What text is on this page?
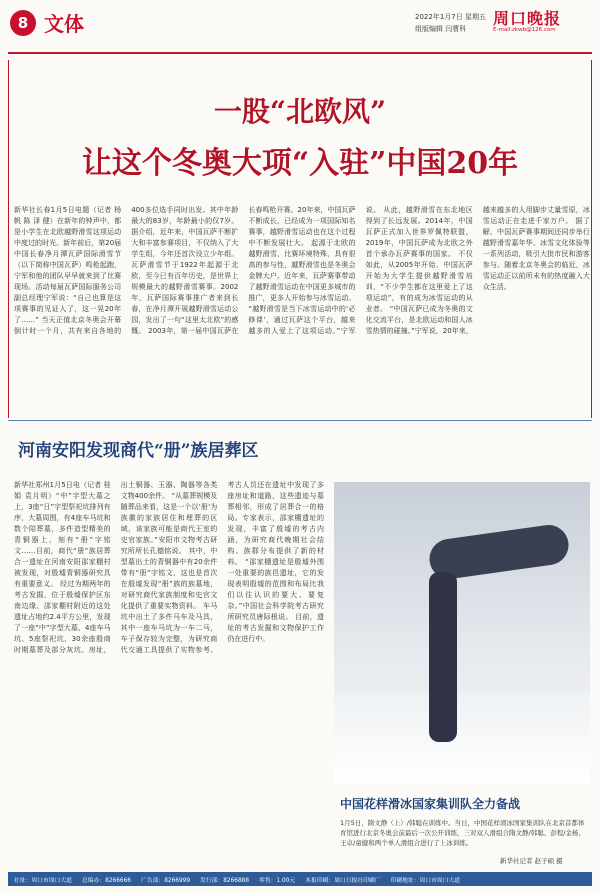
8 文体	2022年1月7日 星期五
组版编辑 闫曹科
周口晚报
E-mail:zkwb@126.com
一股“北欧风”
让这个冬奥大项“入驻”中国20年
新华社长春1月5日电题（记者 杨 帆 陈 泽 健）在新年的钟声中，都是小学生在北欧越野滑雪这项运动中度过的时光。新年前后，第20届中国长春净月潭瓦萨国际滑雪节（以下简称中国瓦萨）鸣枪起跑，宁军和他的团队早早就来到了比赛现场。活动每届瓦萨国际服务公司副总经理宁军说：“自己也算是这项赛事的见证人了，这一晃20年了……” 当天正值北京冬奥会开幕倒计时一个月，共有来自各地的400多位选手同时出发。其中年龄最大的83岁，年龄最小的仅7岁。据介绍，近年来，中国瓦萨不断扩大和丰富参赛项目，不仅纳入了大学生组，今年还首次设立少年组。 瓦萨滑雪节于1922年起源于北欧，至今已有百年历史，是世界上规模最大的越野滑雪赛事。2002年，瓦萨国际赛事推广者来到长春，在净月潭开展越野滑雪运动公园，发出了一句“这里太北欧”的感慨。 2003年，第一届中国瓦萨在长春鸣枪开赛。20年来，中国瓦萨不断成长，已经成为一项国际知名赛事，越野滑雪运动也在这个过程中不断发展壮大。 起源于北欧的越野滑雪，比赛环境特殊，具有很高的参与性，越野滑雪也是冬奥会金牌大户。近年来，瓦萨赛事带动了越野滑雪运动在中国更多城市的推广，更多人开始参与冰雪运动。 “越野滑雪是当下冰雪运动中的‘必修课’，通过瓦萨这个平台，越来越多的人爱上了这项运动。”宁军说。 从此，越野滑雪在东北地区得到了长远发展。2014年，中国瓦萨正式加入世界罗佩特联盟，2019年，中国瓦萨成为北欧之外首个承办瓦萨赛事的国家。 不仅如此，从2005年开始，中国瓦萨开始为大学生提供越野滑雪培训，“不少学生都在这里爱上了这项运动”，有的成为冰雪运动的从业者。 “中国瓦萨已成为冬奥的文化交流平台，是北欧运动和国人冰雪热情的碰撞。”宁军说，20年来，越来越多的人用脚步丈量雪原，冰雪运动正在走进千家万户。 据了解，中国瓦萨赛事期间还同步举行越野滑雪嘉年华、冰雪文化体验等一系列活动，吸引大批市民和游客参与。随着北京冬奥会的临近，冰雪运动正以前所未有的热度融入大众生活。
河南安阳发现商代“册”族居葬区
新华社郑州1月5日电（记者 桂娟 袁月明）“中”字型大墓之上，3座“日”字型祭祀坑排列有序，大墓周围，有4座车马坑和数个陪葬墓，多件造型精美的青铜器上，刻有“册”字铭文……目前，商代“册”族居葬合一遗址在河南安阳邵家棚村被发现，对殷墟青铜器研究具有重要意义。 经过为期两年的考古发掘，位于殷墟保护区东南边缘、邵家棚村附近的这处遗址占地约2.4平方公里，发现了一座“中”字型大墓、4座车马坑、5座祭祀坑、30余座殷商时期墓葬及部分灰坑、房址，出土铜器、玉器、陶器等各类文物400余件。 “从墓葬规模及随葬品来看，这是一个以‘册’为族徽的家族居住和埋葬的区域，该家族可能是商代王室的史官家族。”安阳市文物考古研究所所长孔德铭说。 其中，中型墓出土的青铜器中有20余件带有“册”字铭文，这也是首次在殷墟发现“册”族的族墓地，对研究商代家族制度和史官文化提供了重要实物资料。 车马坑中出土了多件马车及马具，其中一座车马坑为一车二马，车子保存较为完整，为研究商代交通工具提供了实物参考。 考古人员还在遗址中发现了多座房址和道路，这些遗迹与墓葬相邻，形成了居葬合一的格局。专家表示，邵家棚遗址的发现，丰富了殷墟的考古内涵，为研究商代晚期社会结构、族群分布提供了新的材料。 “邵家棚遗址是殷墟外围一处重要的族邑遗址，它的发现表明殷墟的范围和布局比我们以往认识的要大、要复杂。”中国社会科学院考古研究所研究员唐际根说。 目前，遗址的考古发掘和文物保护工作仍在进行中。
中国花样滑冰国家集训队全力备战
1月5日，隋文静（上）/韩聪在训练中。当日，中国花样滑冰国家集训队在北京首都体育馆进行北京冬奥会前最后一次公开训练，三对双人滑组合隋文静/韩聪、彭程/金杨、王卓/童健和两个单人滑组合进行了上冰训练。
新华社记者 赵子硕 摄
社址：周口市周口大道 总编办：8266666 广告部：8266999 发行部：8266888 零售：1.00元 本报印刷：周口日报社印刷厂 印刷地址：周口市周口大道
